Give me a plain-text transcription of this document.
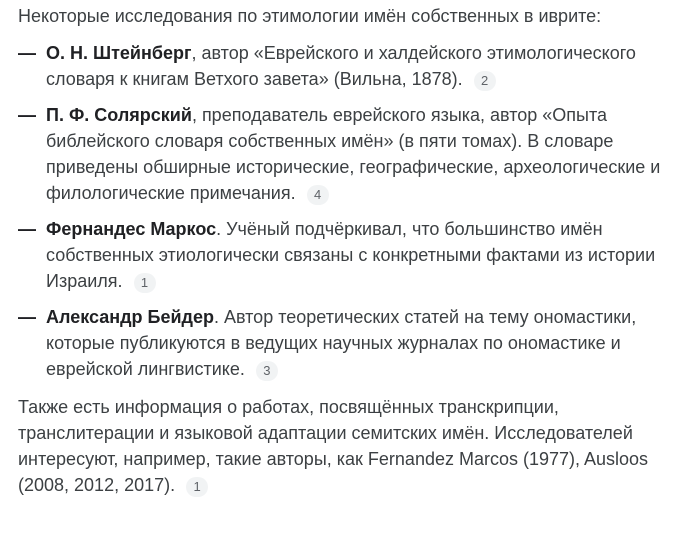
Некоторые исследования по этимологии имён собственных в иврите:

— О. Н. Штейнберг, автор «Еврейского и халдейского этимологического словаря к книгам Ветхого завета» (Вильна, 1878). 2

— П. Ф. Солярский, преподаватель еврейского языка, автор «Опыта библейского словаря собственных имён» (в пяти томах). В словаре приведены обширные исторические, географические, археологические и филологические примечания. 4

— Фернандес Маркос. Учёный подчёркивал, что большинство имён собственных этиологически связаны с конкретными фактами из истории Израиля. 1

— Александр Бейдер. Автор теоретических статей на тему ономастики, которые публикуются в ведущих научных журналах по ономастике и еврейской лингвистике. 3

Также есть информация о работах, посвящённых транскрипции, транслитерации и языковой адаптации семитских имён. Исследователей интересуют, например, такие авторы, как Fernandez Marcos (1977), Ausloos (2008, 2012, 2017). 1
